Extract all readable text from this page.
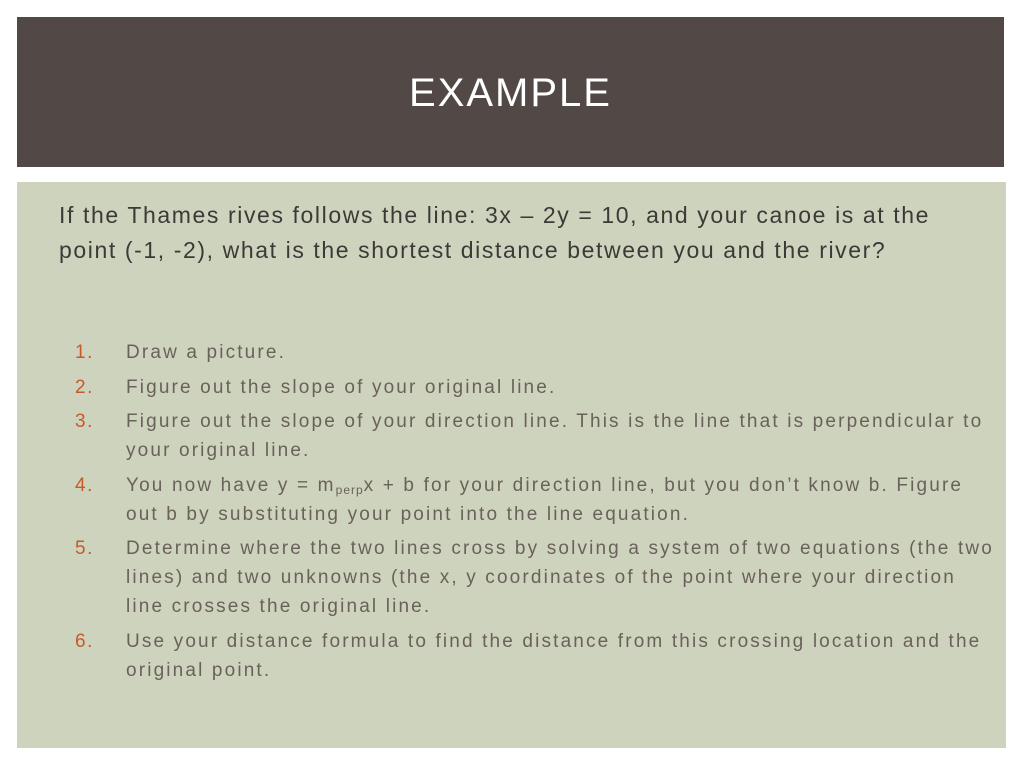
EXAMPLE
If the Thames rives follows the line: 3x – 2y = 10, and your canoe is at the point (-1, -2), what is the shortest distance between you and the river?
1.	Draw a picture.
2.	Figure out the slope of your original line.
3.	Figure out the slope of your direction line. This is the line that is perpendicular to your original line.
4.	You now have $y = m_{perp}x + b$ for your direction line, but you don’t know b. Figure out b by substituting your point into the line equation.
5.	Determine where the two lines cross by solving a system of two equations (the two lines) and two unknowns (the x, y coordinates of the point where your direction line crosses the original line.
6.	Use your distance formula to find the distance from this crossing location and the original point.
